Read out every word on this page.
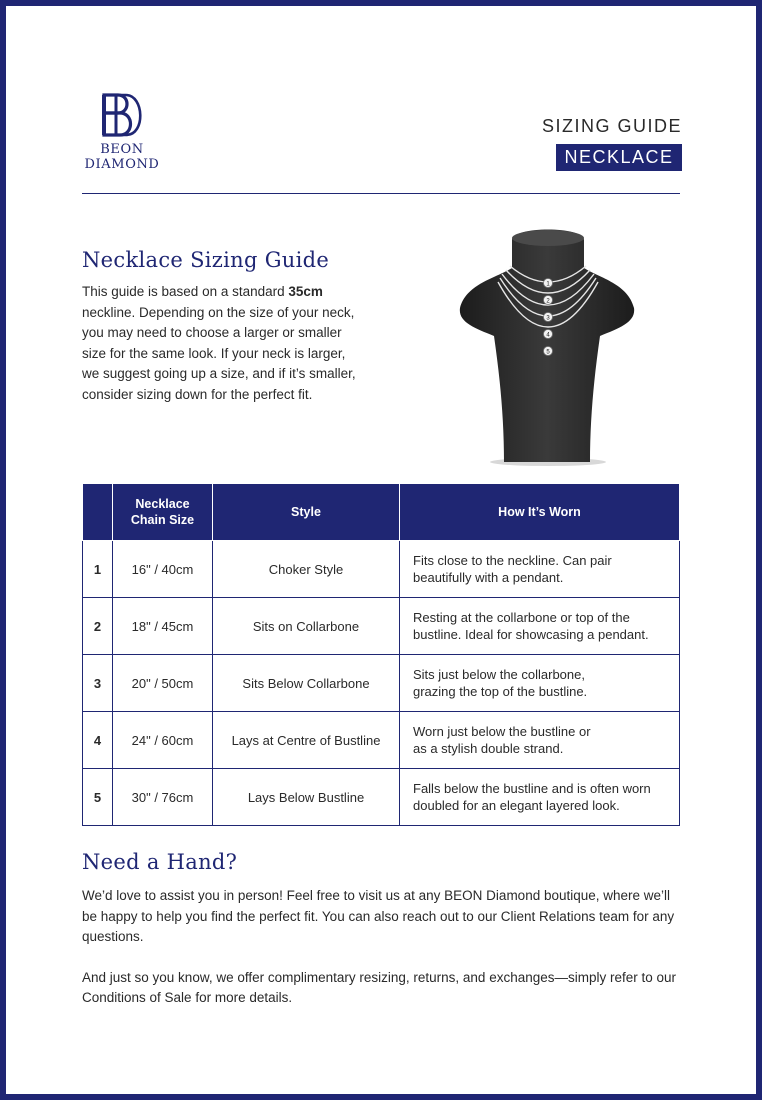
BEON
DIAMOND
SIZING GUIDE
NECKLACE
Necklace Sizing Guide

This guide is based on a standard 35cm neckline. Depending on the size of your neck, you may need to choose a larger or smaller size for the same look. If your neck is larger, we suggest going up a size, and if it’s smaller, consider sizing down for the perfect fit.

1
2
3
4
5
	Necklace
Chain Size	Style	How It’s Worn
1	16" / 40cm	Choker Style	Fits close to the neckline. Can pair
beautifully with a pendant.
2	18" / 45cm	Sits on Collarbone	Resting at the collarbone or top of the
bustline. Ideal for showcasing a pendant.
3	20" / 50cm	Sits Below Collarbone	Sits just below the collarbone,
grazing the top of the bustline.
4	24" / 60cm	Lays at Centre of Bustline	Worn just below the bustline or
as a stylish double strand.
5	30" / 76cm	Lays Below Bustline	Falls below the bustline and is often worn
doubled for an elegant layered look.
Need a Hand?

We’d love to assist you in person! Feel free to visit us at any BEON Diamond boutique, where we’ll be happy to help you find the perfect fit. You can also reach out to our Client Relations team for any questions.

And just so you know, we offer complimentary resizing, returns, and exchanges—simply refer to our Conditions of Sale for more details.
